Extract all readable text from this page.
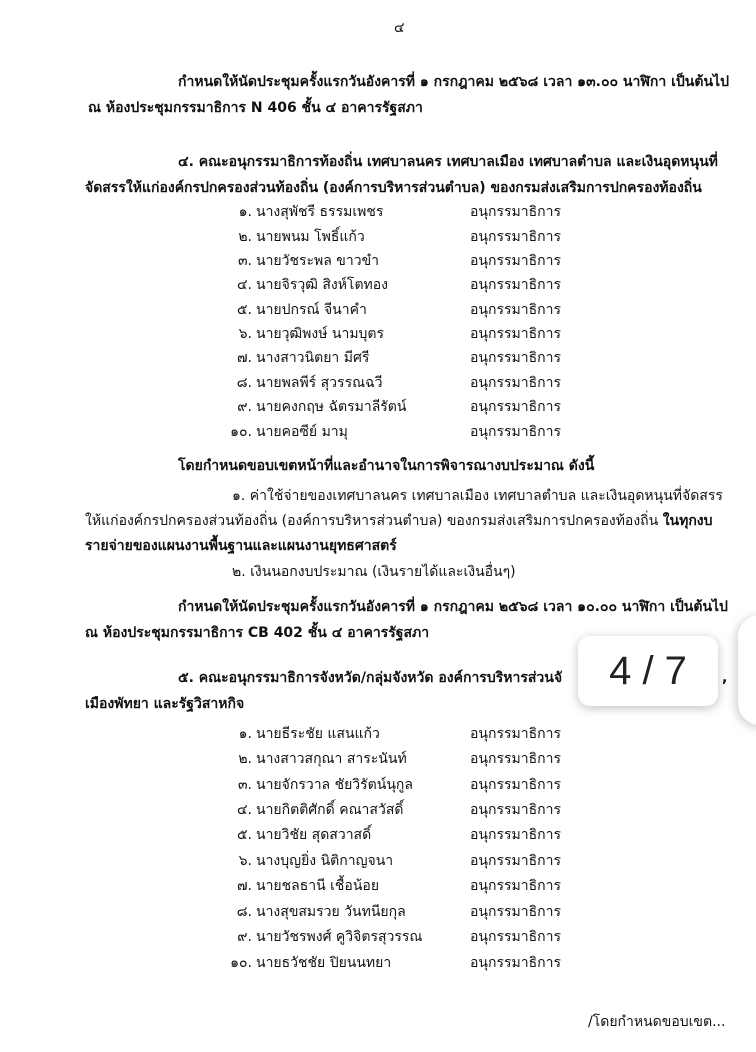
๔
กำหนดให้นัดประชุมครั้งแรกวันอังคารที่ ๑ กรกฎาคม ๒๕๖๘ เวลา ๑๓.๐๐ นาฬิกา เป็นต้นไป
ณ ห้องประชุมกรรมาธิการ N 406 ชั้น ๔ อาคารรัฐสภา
๔. คณะอนุกรรมาธิการท้องถิ่น เทศบาลนคร เทศบาลเมือง เทศบาลตำบล และเงินอุดหนุนที่
จัดสรรให้แก่องค์กรปกครองส่วนท้องถิ่น (องค์การบริหารส่วนตำบล) ของกรมส่งเสริมการปกครองท้องถิ่น
๑. นางสุพัชรี ธรรมเพชร	อนุกรรมาธิการ
๒. นายพนม โพธิ์แก้ว	อนุกรรมาธิการ
๓. นายวัชระพล ขาวขำ	อนุกรรมาธิการ
๔. นายจิรวุฒิ สิงห์โตทอง	อนุกรรมาธิการ
๕. นายปกรณ์ จีนาคำ	อนุกรรมาธิการ
๖. นายวุฒิพงษ์ นามบุตร	อนุกรรมาธิการ
๗. นางสาวนิตยา มีศรี	อนุกรรมาธิการ
๘. นายพลพีร์ สุวรรณฉวี	อนุกรรมาธิการ
๙. นายคงกฤษ ฉัตรมาลีรัตน์	อนุกรรมาธิการ
๑๐. นายคอซีย์ มามุ	อนุกรรมาธิการ
โดยกำหนดขอบเขตหน้าที่และอำนาจในการพิจารณางบประมาณ ดังนี้
๑. ค่าใช้จ่ายของเทศบาลนคร เทศบาลเมือง เทศบาลตำบล และเงินอุดหนุนที่จัดสรร
ให้แก่องค์กรปกครองส่วนท้องถิ่น (องค์การบริหารส่วนตำบล) ของกรมส่งเสริมการปกครองท้องถิ่น ในทุกงบ
รายจ่ายของแผนงานพื้นฐานและแผนงานยุทธศาสตร์
๒. เงินนอกงบประมาณ (เงินรายได้และเงินอื่นๆ)
กำหนดให้นัดประชุมครั้งแรกวันอังคารที่ ๑ กรกฎาคม ๒๕๖๘ เวลา ๑๐.๐๐ นาฬิกา เป็นต้นไป
ณ ห้องประชุมกรรมาธิการ CB 402 ชั้น ๔ อาคารรัฐสภา
๕. คณะอนุกรรมาธิการจังหวัด/กลุ่มจังหวัด องค์การบริหารส่วนจั	,
เมืองพัทยา และรัฐวิสาหกิจ
๑. นายธีระชัย แสนแก้ว	อนุกรรมาธิการ
๒. นางสาวสกุณา สาระนันท์	อนุกรรมาธิการ
๓. นายจักรวาล ชัยวิรัตน์นุกูล	อนุกรรมาธิการ
๔. นายกิตติศักดิ์ คณาสวัสดิ์	อนุกรรมาธิการ
๕. นายวิชัย สุดสวาสดิ์	อนุกรรมาธิการ
๖. นางบุญยิ่ง นิติกาญจนา	อนุกรรมาธิการ
๗. นายชลธานี เชื้อน้อย	อนุกรรมาธิการ
๘. นางสุขสมรวย วันทนียกุล	อนุกรรมาธิการ
๙. นายวัชรพงศ์ คูวิจิตรสุวรรณ	อนุกรรมาธิการ
๑๐. นายธวัชชัย ปิยนนทยา	อนุกรรมาธิการ
/โดยกำหนดขอบเขต...
4 / 7
